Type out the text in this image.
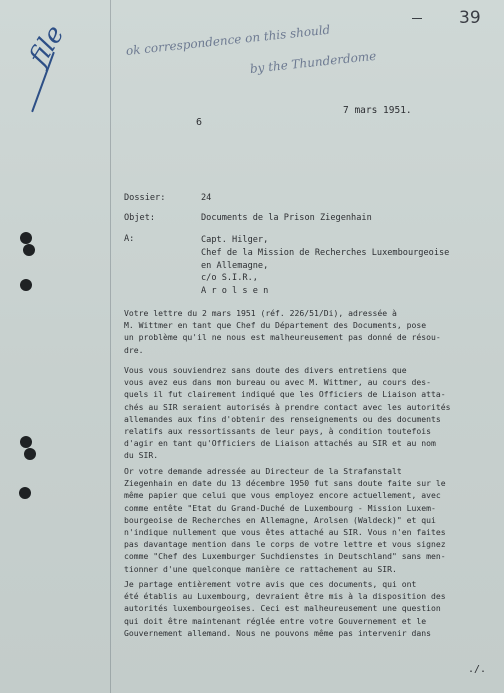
39
file	ok correspondence on this should
by the Thunderdome
7 mars 1951.
6
Dossier:	24
Objet:	Documents de la Prison Ziegenhain
A:	Capt. Hilger,
Chef de la Mission de Recherches Luxembourgeoise
en Allemagne,
c/o S.I.R.,
A r o l s e n
Votre lettre du 2 mars 1951 (réf. 226/51/Di), adressée à
M. Wittmer en tant que Chef du Département des Documents, pose
un problème qu'il ne nous est malheureusement pas donné de résou-
dre.
Vous vous souviendrez sans doute des divers entretiens que
vous avez eus dans mon bureau ou avec M. Wittmer, au cours des-
quels il fut clairement indiqué que les Officiers de Liaison atta-
chés au SIR seraient autorisés à prendre contact avec les autorités
allemandes aux fins d'obtenir des renseignements ou des documents
relatifs aux ressortissants de leur pays, à condition toutefois
d'agir en tant qu'Officiers de Liaison attachés au SIR et au nom
du SIR.
Or votre demande adressée au Directeur de la Strafanstalt
Ziegenhain en date du 13 décembre 1950 fut sans doute faite sur le
même papier que celui que vous employez encore actuellement, avec
comme entête "Etat du Grand-Duché de Luxembourg - Mission Luxem-
bourgeoise de Recherches en Allemagne, Arolsen (Waldeck)" et qui
n'indique nullement que vous êtes attaché au SIR. Vous n'en faites
pas davantage mention dans le corps de votre lettre et vous signez
comme "Chef des Luxemburger Suchdienstes in Deutschland" sans men-
tionner d'une quelconque manière ce rattachement au SIR.
Je partage entièrement votre avis que ces documents, qui ont
été établis au Luxembourg, devraient être mis à la disposition des
autorités luxembourgeoises. Ceci est malheureusement une question
qui doit être maintenant réglée entre votre Gouvernement et le
Gouvernement allemand. Nous ne pouvons même pas intervenir dans
./.
